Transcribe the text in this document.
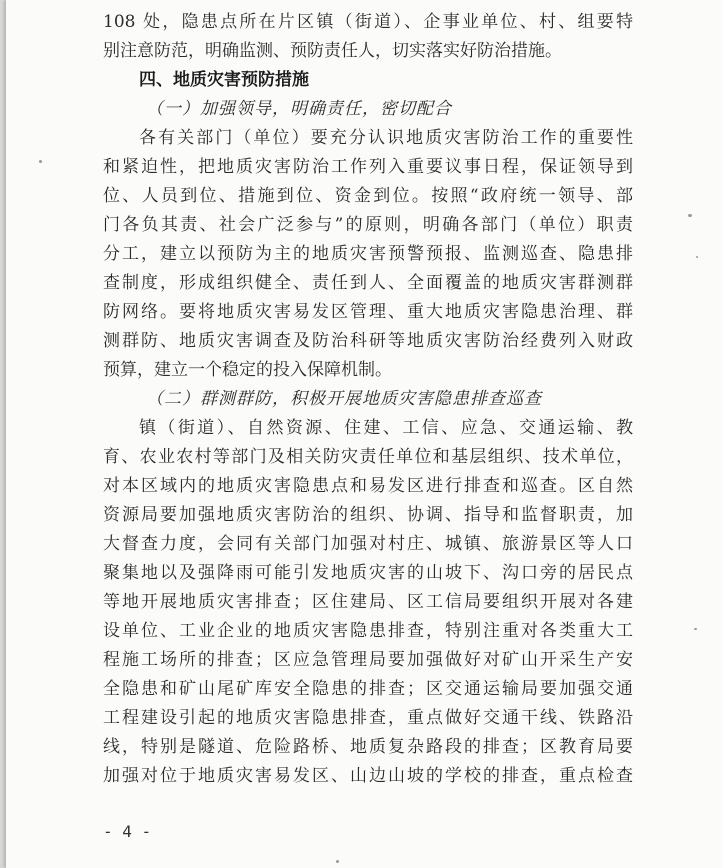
108 处，隐患点所在片区镇（街道）、企事业单位、村、组要特
别注意防范，明确监测、预防责任人，切实落实好防治措施。
四、地质灾害预防措施
（一）加强领导，明确责任，密切配合
各有关部门（单位）要充分认识地质灾害防治工作的重要性
和紧迫性，把地质灾害防治工作列入重要议事日程，保证领导到
位、人员到位、措施到位、资金到位。按照“政府统一领导、部
门各负其责、社会广泛参与”的原则，明确各部门（单位）职责
分工，建立以预防为主的地质灾害预警预报、监测巡查、隐患排
查制度，形成组织健全、责任到人、全面覆盖的地质灾害群测群
防网络。要将地质灾害易发区管理、重大地质灾害隐患治理、群
测群防、地质灾害调查及防治科研等地质灾害防治经费列入财政
预算，建立一个稳定的投入保障机制。
（二）群测群防，积极开展地质灾害隐患排查巡查
镇（街道）、自然资源、住建、工信、应急、交通运输、教
育、农业农村等部门及相关防灾责任单位和基层组织、技术单位，
对本区域内的地质灾害隐患点和易发区进行排查和巡查。区自然
资源局要加强地质灾害防治的组织、协调、指导和监督职责，加
大督查力度，会同有关部门加强对村庄、城镇、旅游景区等人口
聚集地以及强降雨可能引发地质灾害的山坡下、沟口旁的居民点
等地开展地质灾害排查；区住建局、区工信局要组织开展对各建
设单位、工业企业的地质灾害隐患排查，特别注重对各类重大工
程施工场所的排查；区应急管理局要加强做好对矿山开采生产安
全隐患和矿山尾矿库安全隐患的排查；区交通运输局要加强交通
工程建设引起的地质灾害隐患排查，重点做好交通干线、铁路沿
线，特别是隧道、危险路桥、地质复杂路段的排查；区教育局要
加强对位于地质灾害易发区、山边山坡的学校的排查，重点检查
- 4 -
